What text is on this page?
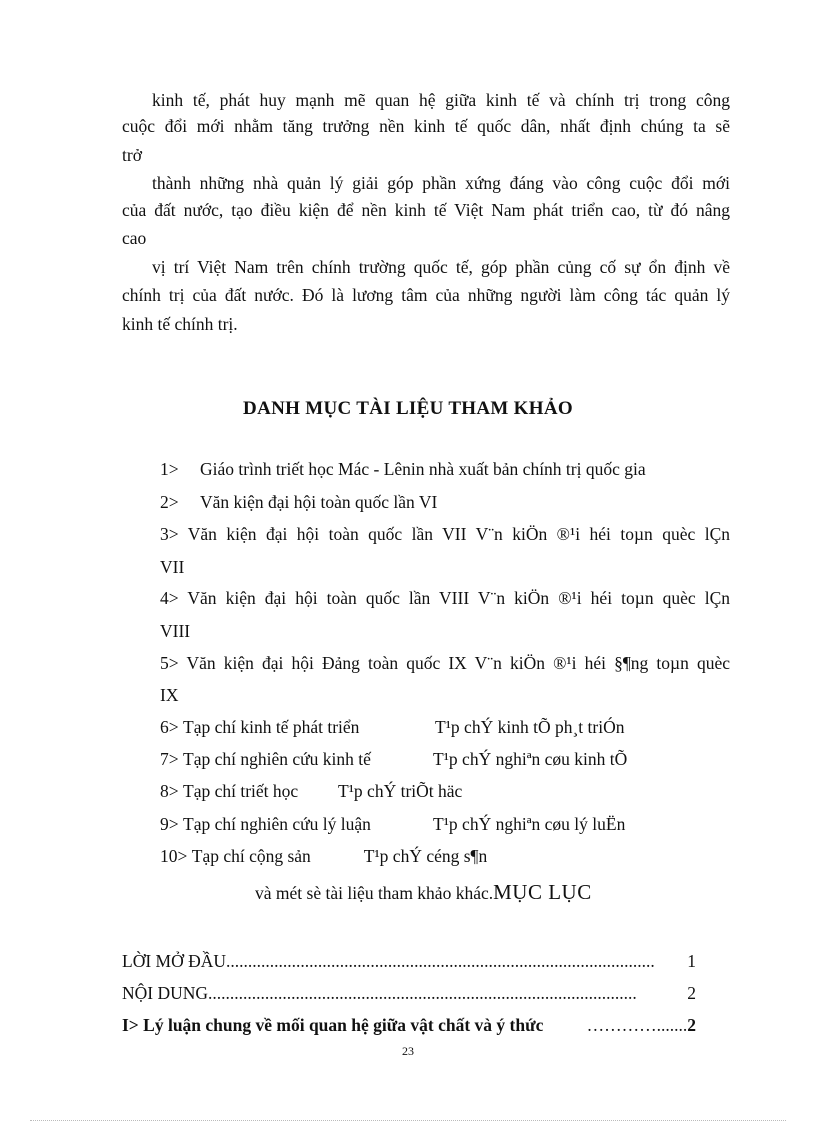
kinh tế, phát huy mạnh mẽ quan hệ giữa kinh tế và chính trị trong công
cuộc đổi mới nhằm tăng trưởng nền kinh tế quốc dân, nhất định chúng ta sẽ
trở
thành những nhà quản lý giải góp phần xứng đáng vào công cuộc đổi mới
của đất nước, tạo điều kiện để nền kinh tế Việt Nam phát triển cao, từ đó nâng
cao
vị trí Việt Nam trên chính trường quốc tế, góp phần củng cố sự ổn định về
chính trị của đất nước. Đó là lương tâm của những người làm công tác quản lý
kinh tế chính trị.
DANH MỤC TÀI LIỆU THAM KHẢO
1> Giáo trình triết học Mác - Lênin nhà xuất bản chính trị quốc gia
2> Văn kiện đại hội toàn quốc lần VI
3> Văn kiện đại hội toàn quốc lần VII V¨n kiÖn ®¹i héi toµn quèc lÇn
VII
4> Văn kiện đại hội toàn quốc lần VIII V¨n kiÖn ®¹i héi toµn quèc lÇn
VIII
5> Văn kiện đại hội Đảng toàn quốc IX V¨n kiÖn ®¹i héi §¶ng toµn quèc
IX
6> Tạp chí kinh tế phát triển	T¹p chÝ kinh tÕ ph¸t triÓn
7> Tạp chí nghiên cứu kinh tế	T¹p chÝ nghiªn cøu kinh tÕ
8> Tạp chí triết học T¹p chÝ triÕt häc
9> Tạp chí nghiên cứu lý luận	T¹p chÝ nghiªn cøu lý luËn
10> Tạp chí cộng sản	T¹p chÝ céng s¶n
và mét sè tài liệu tham khảo khác.MỤC LỤC
LỜI MỞ ĐẦU ..................................................................................................	1
NỘI DUNG ..................................................................................................	2
I> Lý luận chung về mối quan hệ giữa vật chất và ý thức	…………....... 2
23
